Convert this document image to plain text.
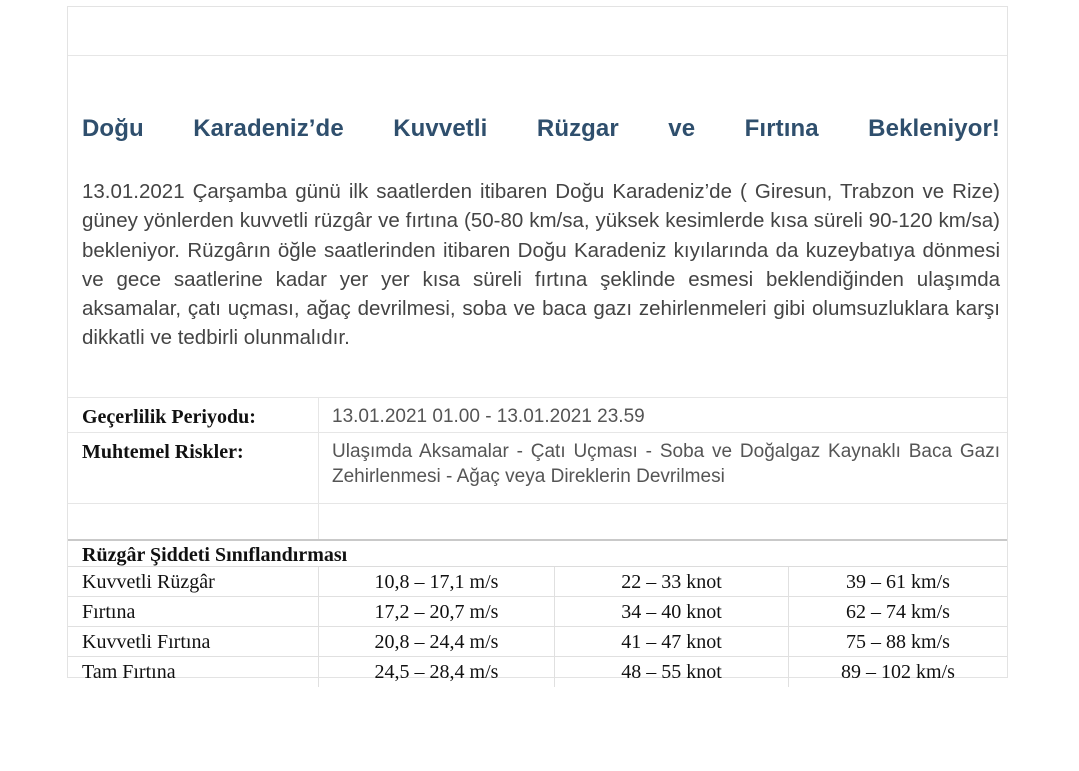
Doğu Karadeniz’de Kuvvetli Rüzgar ve Fırtına Bekleniyor!

13.01.2021 Çarşamba günü ilk saatlerden itibaren Doğu Karadeniz’de ( Giresun, Trabzon ve Rize) güney yönlerden kuvvetli rüzgâr ve fırtına (50-80 km/sa, yüksek kesimlerde kısa süreli 90-120 km/sa) bekleniyor. Rüzgârın öğle saatlerinden itibaren Doğu Karadeniz kıyılarında da kuzeybatıya dönmesi ve gece saatlerine kadar yer yer kısa süreli fırtına şeklinde esmesi beklendiğinden ulaşımda aksamalar, çatı uçması, ağaç devrilmesi, soba ve baca gazı zehirlenmeleri gibi olumsuzluklara karşı dikkatli ve tedbirli olunmalıdır.

Geçerlilik Periyodu:	13.01.2021 01.00 - 13.01.2021 23.59
Muhtemel Riskler:	Ulaşımda Aksamalar - Çatı Uçması - Soba ve Doğalgaz Kaynaklı Baca Gazı Zehirlenmesi - Ağaç veya Direklerin Devrilmesi
Rüzgâr Şiddeti Sınıflandırması
Kuvvetli Rüzgâr	10,8 – 17,1 m/s	22 – 33 knot	39 – 61 km/s
Fırtına	17,2 – 20,7 m/s	34 – 40 knot	62 – 74 km/s
Kuvvetli Fırtına	20,8 – 24,4 m/s	41 – 47 knot	75 – 88 km/s
Tam Fırtına	24,5 – 28,4 m/s	48 – 55 knot	89 – 102 km/s
